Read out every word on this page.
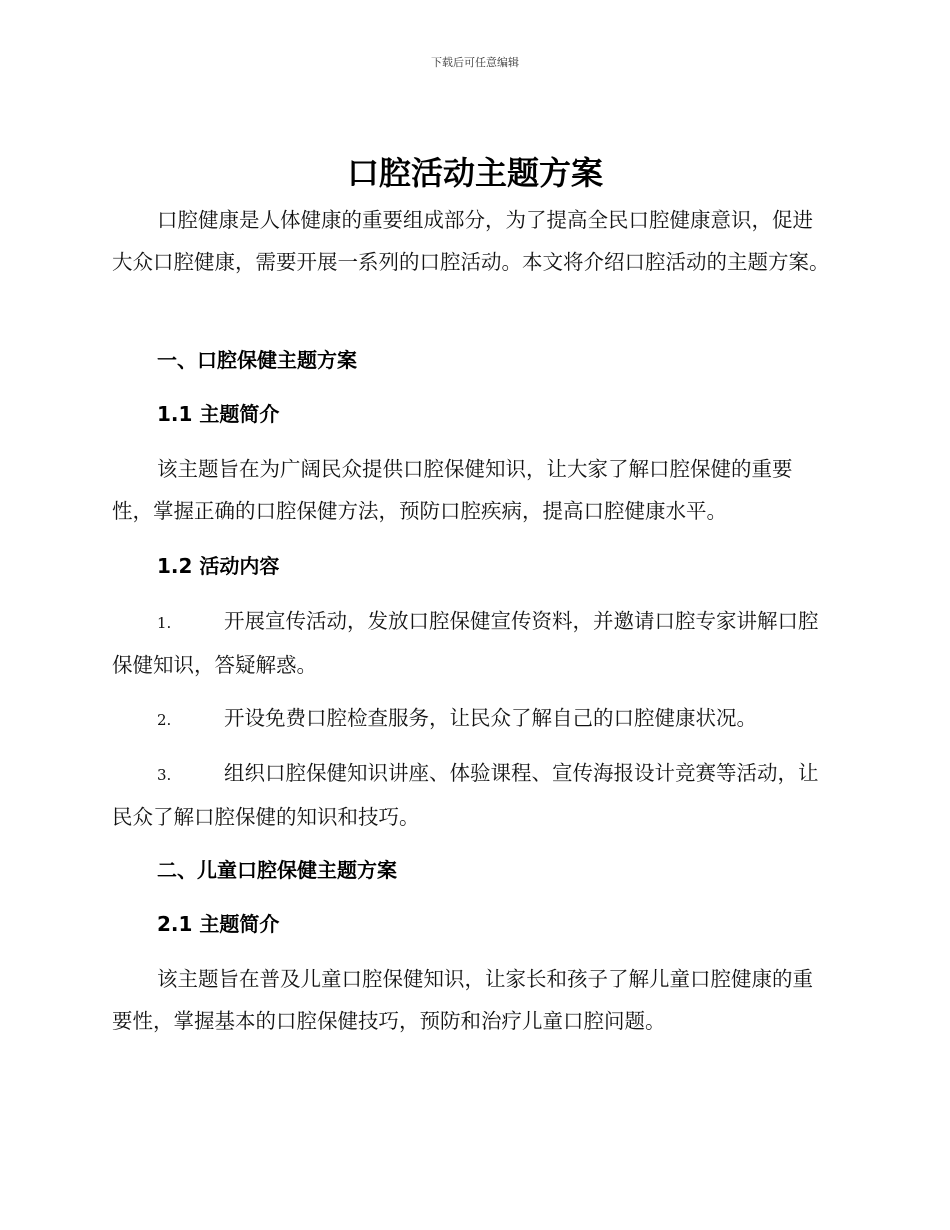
下载后可任意编辑
口腔活动主题方案

口腔健康是人体健康的重要组成部分，为了提高全民口腔健康意识，促进大众口腔健康，需要开展一系列的口腔活动。本文将介绍口腔活动的主题方案。

一、口腔保健主题方案
1.1 主题简介

该主题旨在为广阔民众提供口腔保健知识，让大家了解口腔保健的重要性，掌握正确的口腔保健方法，预防口腔疾病，提高口腔健康水平。

1.2 活动内容

1.	开展宣传活动，发放口腔保健宣传资料，并邀请口腔专家讲解口腔保健知识，答疑解惑。

2.	开设免费口腔检查服务，让民众了解自己的口腔健康状况。

3.	组织口腔保健知识讲座、体验课程、宣传海报设计竞赛等活动，让民众了解口腔保健的知识和技巧。

二、儿童口腔保健主题方案
2.1 主题简介

该主题旨在普及儿童口腔保健知识，让家长和孩子了解儿童口腔健康的重要性，掌握基本的口腔保健技巧，预防和治疗儿童口腔问题。
